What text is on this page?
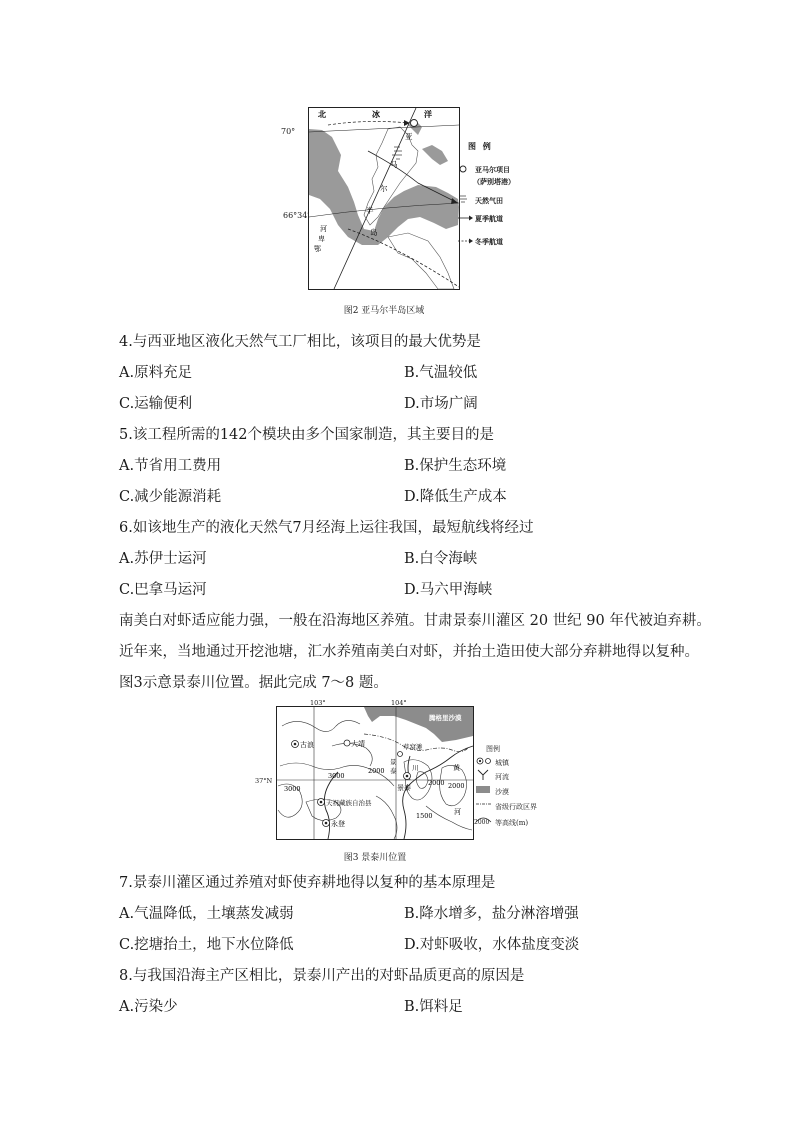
北	冰	洋
亚
马
尔
半
岛
河
卑
鄂
70°
66°34′
图 例
亚马尔项目
（萨别塔港）
天然气田
夏季航道
冬季航道
图2 亚马尔半岛区域
4.与西亚地区液化天然气工厂相比，该项目的最大优势是
A.原料充足	B.气温较低
C.运输便利	D.市场广阔
5.该工程所需的142个模块由多个国家制造，其主要目的是
A.节省用工费用	B.保护生态环境
C.减少能源消耗	D.降低生产成本
6.如该地生产的液化天然气7月经海上运往我国，最短航线将经过
A.苏伊士运河	B.白令海峡
C.巴拿马运河	D.马六甲海峡
南美白对虾适应能力强，一般在沿海地区养殖。甘肃景泰川灌区 20 世纪 90 年代被迫弃耕。
近年来，当地通过开挖池塘，汇水养殖南美白对虾，并抬土造田使大部分弃耕地得以复种。
图3示意景泰川位置。据此完成 7～8 题。
腾格里沙漠
古浪	大靖	草窝滩
景
泰 川
景泰
天祝藏族自治县
永登
3000
3000
2000
2000
1500
2000
黄
河
103°	104°
37°N
图例
城镇
河流
沙漠
省级行政区界
2000 等高线(m)
图3 景泰川位置
7.景泰川灌区通过养殖对虾使弃耕地得以复种的基本原理是
A.气温降低，土壤蒸发减弱	B.降水增多，盐分淋溶增强
C.挖塘抬土，地下水位降低	D.对虾吸收，水体盐度变淡
8.与我国沿海主产区相比，景泰川产出的对虾品质更高的原因是
A.污染少	B.饵料足
